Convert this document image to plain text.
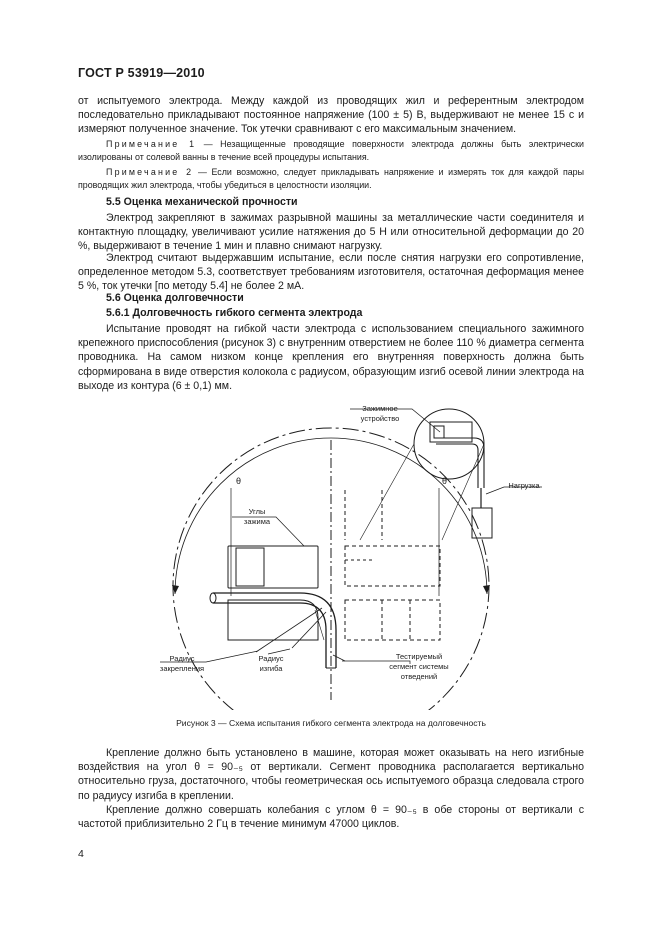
ГОСТ Р 53919—2010
от испытуемого электрода. Между каждой из проводящих жил и референтным электродом последовательно прикладывают постоянное напряжение (100 ± 5) В, выдерживают не менее 15 с и измеряют полученное значение. Ток утечки сравнивают с его максимальным значением.
Примечание 1 — Незащищенные проводящие поверхности электрода должны быть электрически изолированы от солевой ванны в течение всей процедуры испытания.
Примечание 2 — Если возможно, следует прикладывать напряжение и измерять ток для каждой пары проводящих жил электрода, чтобы убедиться в целостности изоляции.
5.5 Оценка механической прочности
Электрод закрепляют в зажимах разрывной машины за металлические части соединителя и контактную площадку, увеличивают усилие натяжения до 5 Н или относительной деформации до 20 %, выдерживают в течение 1 мин и плавно снимают нагрузку.
Электрод считают выдержавшим испытание, если после снятия нагрузки его сопротивление, определенное методом 5.3, соответствует требованиям изготовителя, остаточная деформация менее 5 %, ток утечки [по методу 5.4] не более 2 мА.
5.6 Оценка долговечности
5.6.1 Долговечность гибкого сегмента электрода
Испытание проводят на гибкой части электрода с использованием специального зажимного крепежного приспособления (рисунок 3) с внутренним отверстием не более 110 % диаметра сегмента проводника. На самом низком конце крепления его внутренняя поверхность должна быть сформирована в виде отверстия колокола с радиусом, образующим изгиб осевой линии электрода на выходе из контура (6 ± 0,1) мм.
Зажимное
устройство
Нагрузка
Углы
зажима
θ	θ
Радиус
закрепления
Радиус
изгиба
Тестируемый
сегмент системы
отведений
Рисунок 3 — Схема испытания гибкого сегмента электрода на долговечность
Крепление должно быть установлено в машине, которая может оказывать на него изгибные воздействия на угол θ = 90₋₅ от вертикали. Сегмент проводника располагается вертикально относительно груза, достаточного, чтобы геометрическая ось испытуемого образца следовала строго по радиусу изгиба в креплении.
Крепление должно совершать колебания с углом θ = 90₋₅ в обе стороны от вертикали с частотой приблизительно 2 Гц в течение минимум 47000 циклов.
4
